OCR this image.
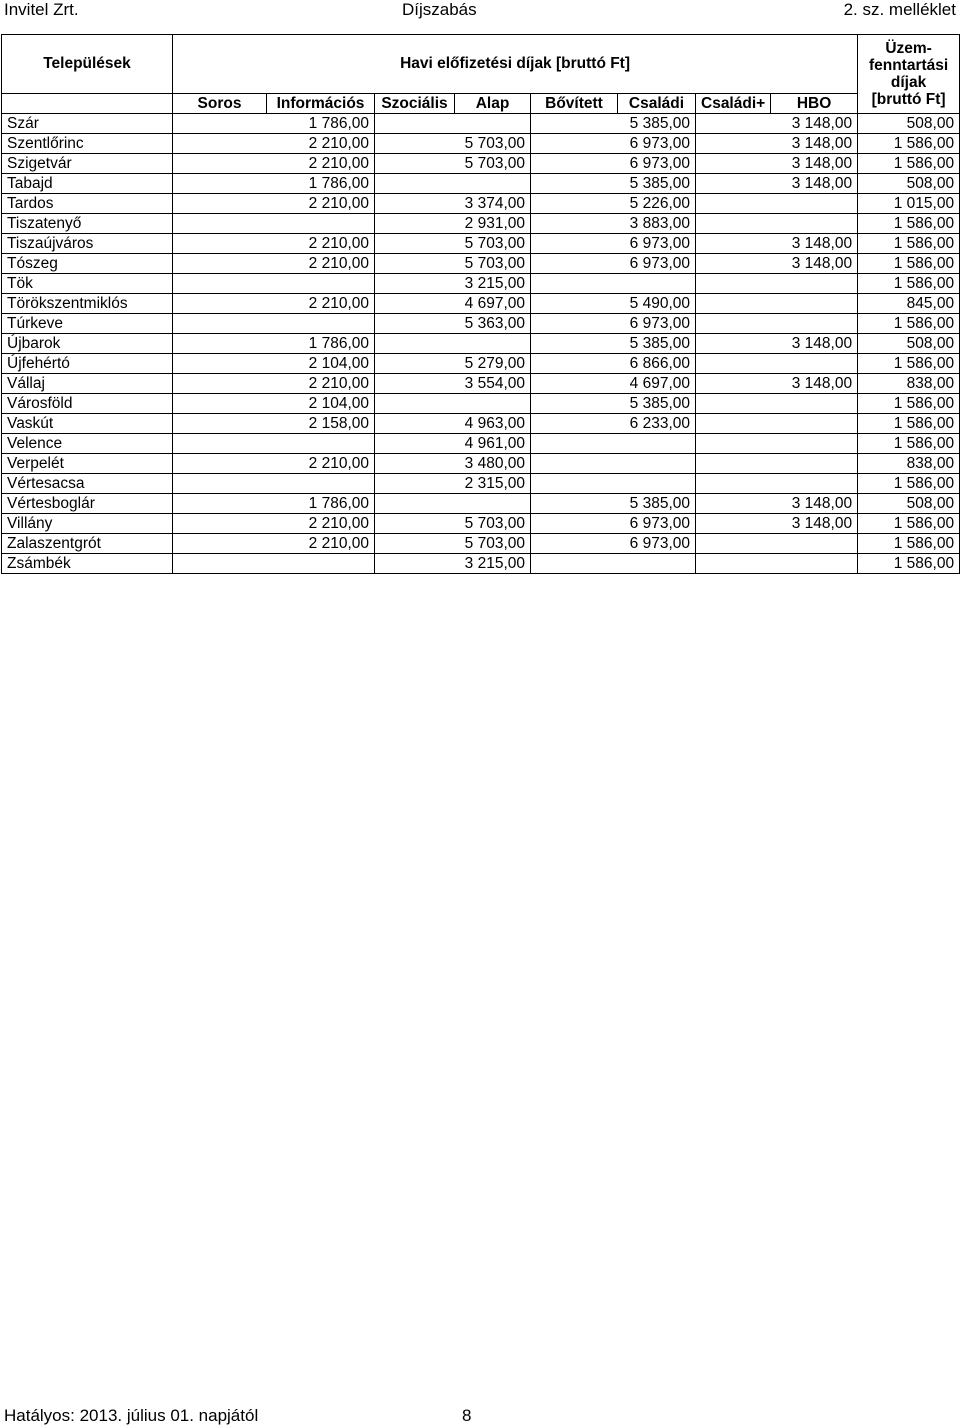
Invitel Zrt.	Díjszabás	2. sz. melléklet
Települések	Havi előfizetési díjak [bruttó Ft]								Üzem-
fenntartási
díjak
[bruttó Ft]

	Soros	Információs	Szociális	Alap	Bővített	Családi	Családi+	HBO	
Szár	1 786,00				5 385,00		3 148,00		508,00
Szentlőrinc	2 210,00		5 703,00		6 973,00		3 148,00		1 586,00
Szigetvár	2 210,00		5 703,00		6 973,00		3 148,00		1 586,00
Tabajd	1 786,00				5 385,00		3 148,00		508,00
Tardos	2 210,00		3 374,00		5 226,00				1 015,00
Tiszatenyő			2 931,00		3 883,00				1 586,00
Tiszaújváros	2 210,00		5 703,00		6 973,00		3 148,00		1 586,00
Tószeg	2 210,00		5 703,00		6 973,00		3 148,00		1 586,00
Tök			3 215,00						1 586,00
Törökszentmiklós	2 210,00		4 697,00		5 490,00				845,00
Túrkeve			5 363,00		6 973,00				1 586,00
Újbarok	1 786,00				5 385,00		3 148,00		508,00
Újfehértó	2 104,00		5 279,00		6 866,00				1 586,00
Vállaj	2 210,00		3 554,00		4 697,00		3 148,00		838,00
Városföld	2 104,00				5 385,00				1 586,00
Vaskút	2 158,00		4 963,00		6 233,00				1 586,00
Velence			4 961,00						1 586,00
Verpelét	2 210,00		3 480,00						838,00
Vértesacsa			2 315,00						1 586,00
Vértesboglár	1 786,00				5 385,00		3 148,00		508,00
Villány	2 210,00		5 703,00		6 973,00		3 148,00		1 586,00
Zalaszentgrót	2 210,00		5 703,00		6 973,00				1 586,00
Zsámbék			3 215,00						1 586,00
Hatályos: 2013. július 01. napjától	8
